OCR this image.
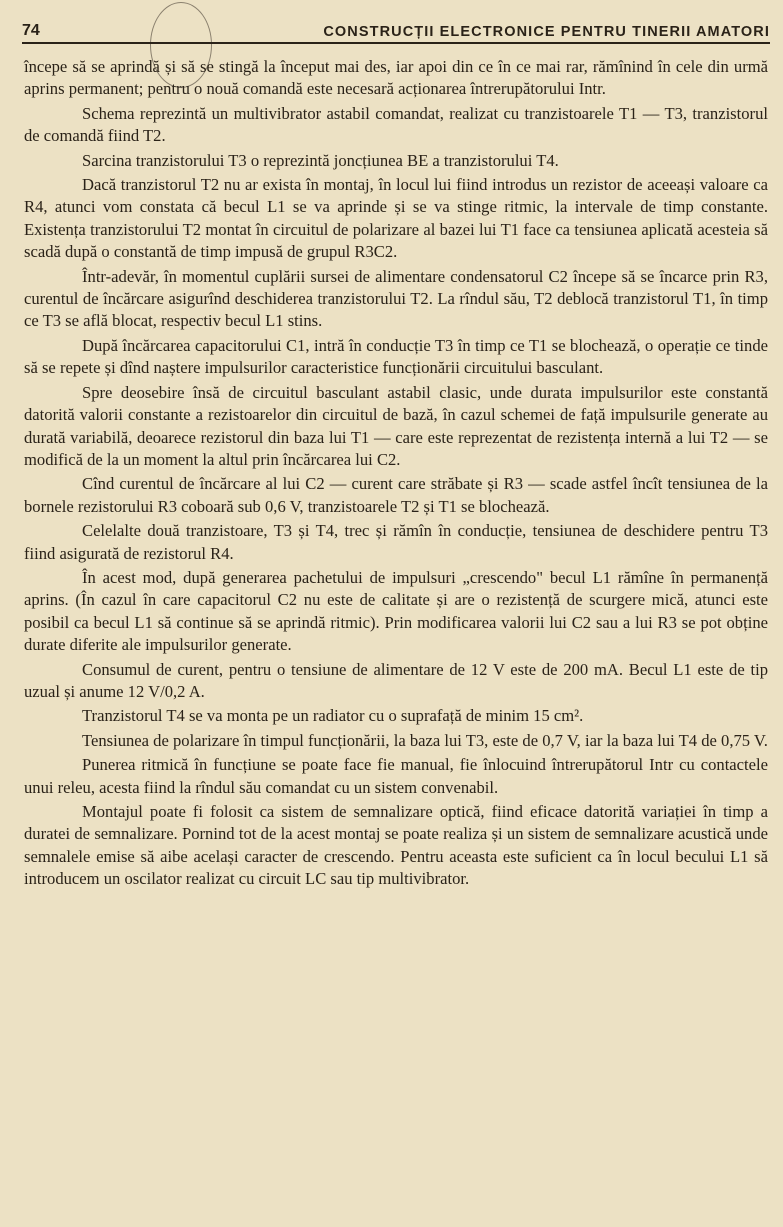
74	CONSTRUCȚII ELECTRONICE PENTRU TINERII AMATORI

începe să se aprindă și să se stingă la început mai des, iar apoi din ce în ce mai rar, rămînind în cele din urmă aprins permanent; pentru o nouă comandă este necesară acționarea întrerupătorului Intr.

Schema reprezintă un multivibrator astabil comandat, realizat cu tranzistoarele T1 — T3, tranzistorul de comandă fiind T2.

Sarcina tranzistorului T3 o reprezintă joncțiunea BE a tranzistorului T4.

Dacă tranzistorul T2 nu ar exista în montaj, în locul lui fiind introdus un rezistor de aceeași valoare ca R4, atunci vom constata că becul L1 se va aprinde și se va stinge ritmic, la intervale de timp constante. Existența tranzistorului T2 montat în circuitul de polarizare al bazei lui T1 face ca tensiunea aplicată acesteia să scadă după o constantă de timp impusă de grupul R3C2.

Într-adevăr, în momentul cuplării sursei de alimentare condensatorul C2 începe să se încarce prin R3, curentul de încărcare asigurînd deschiderea tranzistorului T2. La rîndul său, T2 deblocă tranzistorul T1, în timp ce T3 se află blocat, respectiv becul L1 stins.

După încărcarea capacitorului C1, intră în conducție T3 în timp ce T1 se blochează, o operație ce tinde să se repete și dînd naștere impulsurilor caracteristice funcționării circuitului basculant.

Spre deosebire însă de circuitul basculant astabil clasic, unde durata impulsurilor este constantă datorită valorii constante a rezistoarelor din circuitul de bază, în cazul schemei de față impulsurile generate au durată variabilă, deoarece rezistorul din baza lui T1 — care este reprezentat de rezistența internă a lui T2 — se modifică de la un moment la altul prin încărcarea lui C2.

Cînd curentul de încărcare al lui C2 — curent care străbate și R3 — scade astfel încît tensiunea de la bornele rezistorului R3 coboară sub 0,6 V, tranzistoarele T2 și T1 se blochează.

Celelalte două tranzistoare, T3 și T4, trec și rămîn în conducție, tensiunea de deschidere pentru T3 fiind asigurată de rezistorul R4.

În acest mod, după generarea pachetului de impulsuri „crescendo" becul L1 rămîne în permanență aprins. (În cazul în care capacitorul C2 nu este de calitate și are o rezistență de scurgere mică, atunci este posibil ca becul L1 să continue să se aprindă ritmic). Prin modificarea valorii lui C2 sau a lui R3 se pot obține durate diferite ale impulsurilor generate.

Consumul de curent, pentru o tensiune de alimentare de 12 V este de 200 mA. Becul L1 este de tip uzual și anume 12 V/0,2 A.

Tranzistorul T4 se va monta pe un radiator cu o suprafață de minim 15 cm².

Tensiunea de polarizare în timpul funcționării, la baza lui T3, este de 0,7 V, iar la baza lui T4 de 0,75 V.

Punerea ritmică în funcțiune se poate face fie manual, fie înlocuind întrerupătorul Intr cu contactele unui releu, acesta fiind la rîndul său comandat cu un sistem convenabil.

Montajul poate fi folosit ca sistem de semnalizare optică, fiind eficace datorită variației în timp a duratei de semnalizare. Pornind tot de la acest montaj se poate realiza și un sistem de semnalizare acustică unde semnalele emise să aibe același caracter de crescendo. Pentru aceasta este suficient ca în locul becului L1 să introducem un oscilator realizat cu circuit LC sau tip multivibrator.
